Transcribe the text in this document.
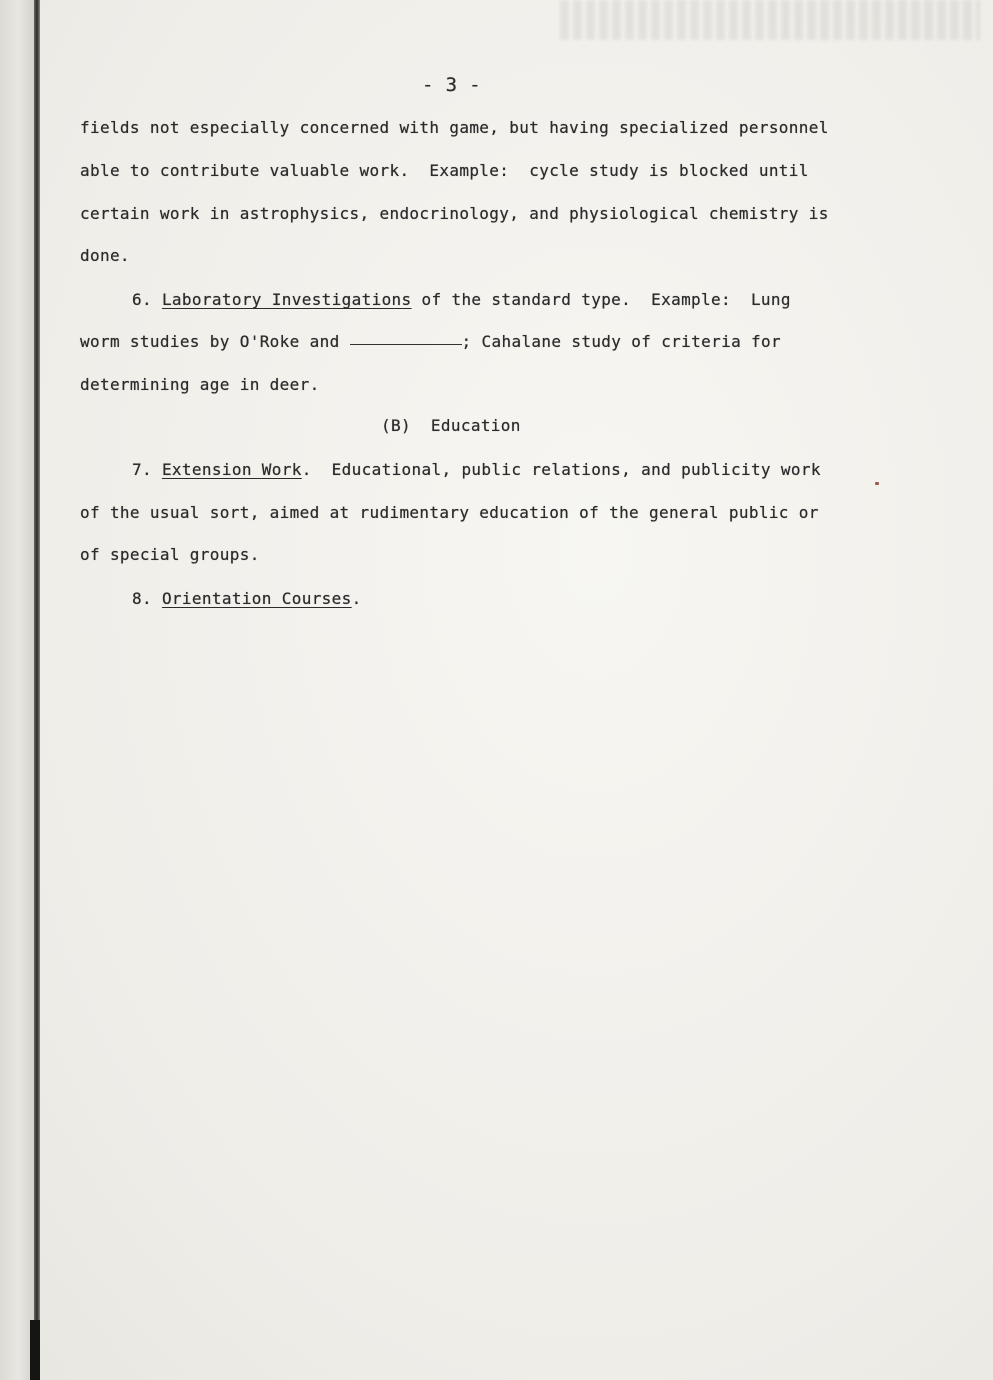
- 3 -
fields not especially concerned with game, but having specialized personnel
able to contribute valuable work.  Example:  cycle study is blocked until
certain work in astrophysics, endocrinology, and physiological chemistry is
done.
6. Laboratory Investigations of the standard type.  Example:  Lung
worm studies by O'Roke and	; Cahalane study of criteria for
determining age in deer.
(B)  Education
7. Extension Work.  Educational, public relations, and publicity work
of the usual sort, aimed at rudimentary education of the general public or
of special groups.
8. Orientation Courses.
